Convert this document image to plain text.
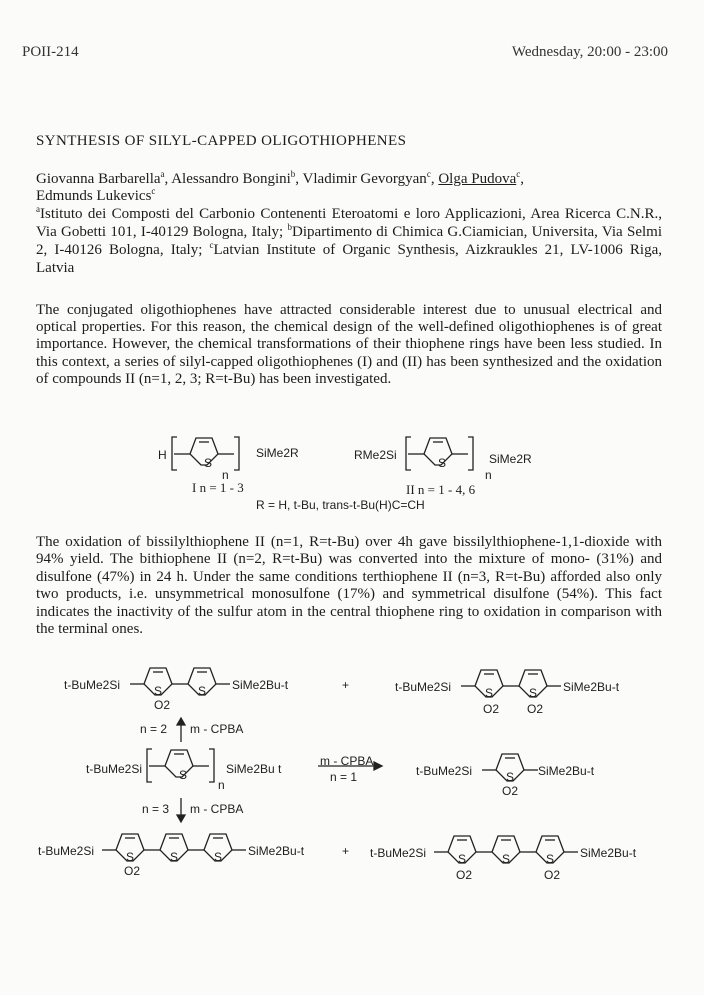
POII-214	Wednesday, 20:00 - 23:00
SYNTHESIS OF SILYL-CAPPED OLIGOTHIOPHENES
Giovanna Barbarella$^a$, Alessandro Bongini$^b$, Vladimir Gevorgyan$^c$, Olga Pudova$^c$,
Edmunds Lukevics$^c$
$^a$Istituto dei Composti del Carbonio Contenenti Eteroatomi e loro Applicazioni, Area Ricerca C.N.R., Via Gobetti 101, I-40129 Bologna, Italy; $^b$Dipartimento di Chimica G.Ciamician, Universita, Via Selmi 2, I-40126 Bologna, Italy; $^c$Latvian Institute of Organic Synthesis, Aizkraukles 21, LV-1006 Riga, Latvia
The conjugated oligothiophenes have attracted considerable interest due to unusual electrical and optical properties. For this reason, the chemical design of the well-defined oligothiophenes is of great importance. However, the chemical transformations of their thiophene rings have been less studied. In this context, a series of silyl-capped oligothiophenes (I) and (II) has been synthesized and the oxidation of compounds II (n=1, 2, 3; R=t-Bu) has been investigated.
H
S
n
SiMe2R	RMe2Si
S
n
SiMe2R
I n = 1 - 3	II n = 1 - 4, 6
R = H, t-Bu, trans-t-Bu(H)C=CH
The oxidation of bissilylthiophene II (n=1, R=t-Bu) over 4h gave bissilylthiophene-1,1-dioxide with 94% yield. The bithiophene II (n=2, R=t-Bu) was converted into the mixture of mono- (31%) and disulfone (47%) in 24 h. Under the same conditions terthiophene II (n=3, R=t-Bu) afforded also only two products, i.e. unsymmetrical monosulfone (17%) and symmetrical disulfone (54%). This fact indicates the inactivity of the sulfur atom in the central thiophene ring to oxidation in comparison with the terminal ones.
t-BuMe2Si	S
O2
S SiMe2Bu-t	+	t-BuMe2Si	S
O2
S
O2
SiMe2Bu-t
n = 2 m - CPBA
t-BuMe2Si	S
n
SiMe2Bu t
m - CPBA
n = 1	t-BuMe2Si	S
O2
SiMe2Bu-t
n = 3 m - CPBA
t-BuMe2Si	S
O2
S	S SiMe2Bu-t	+ t-BuMe2Si	S
O2
S	S
O2
SiMe2Bu-t
